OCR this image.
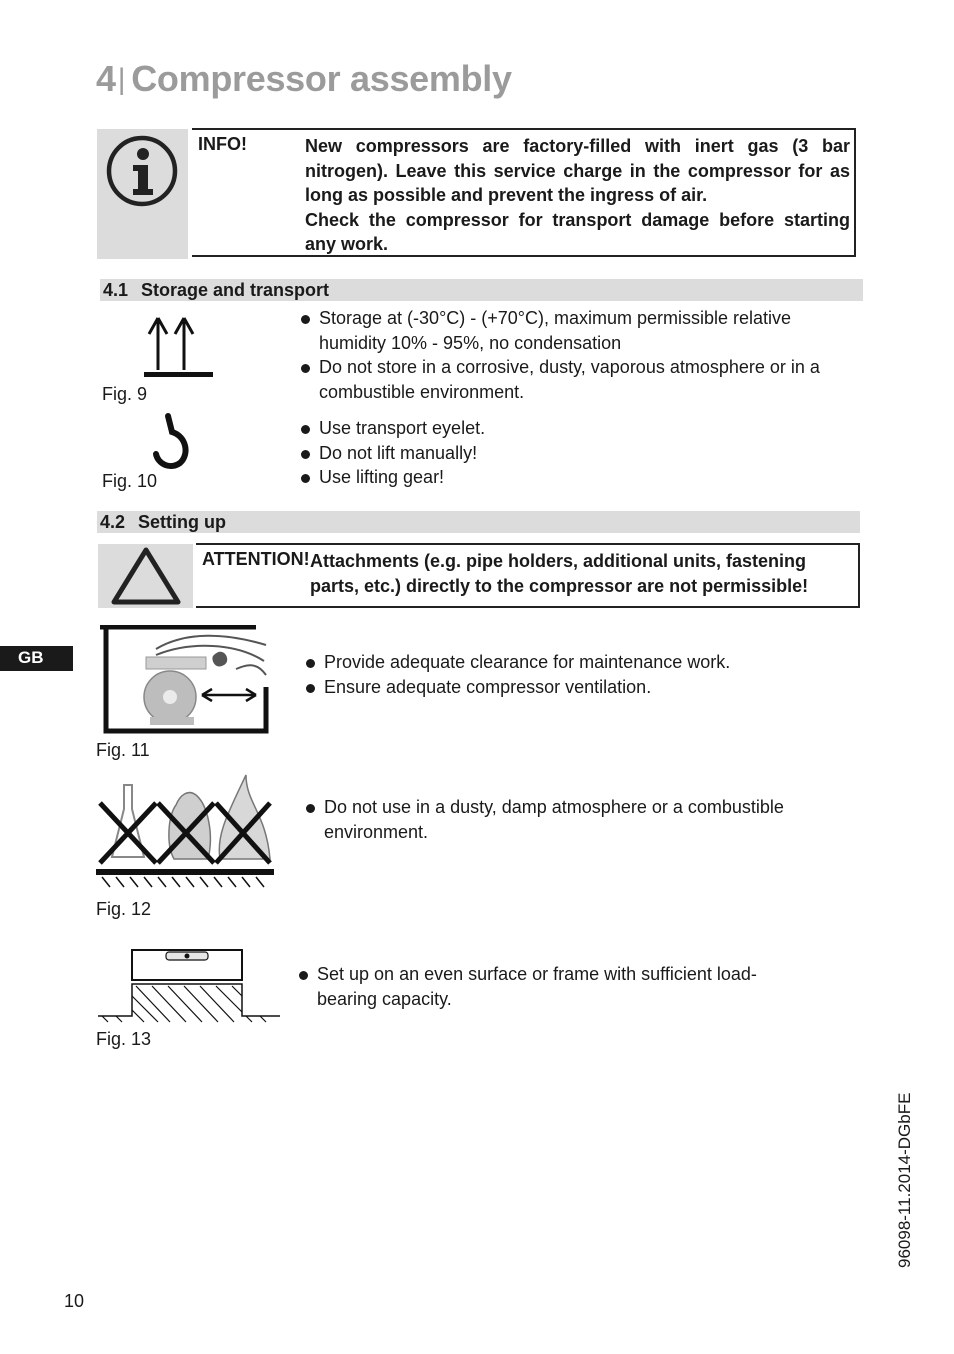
4| Compressor assembly
INFO!	New compressors are factory-filled with inert gas (3 bar nitrogen). Leave this service charge in the compressor for as long as possible and prevent the ingress of air.

Check the compressor for transport damage before starting any work.

4.1 Storage and transport
Fig. 9
Fig. 10
Storage at (-30°C) - (+70°C), maximum permissible relative humidity 10% - 95%, no condensation
Do not store in a corrosive, dusty, vaporous atmosphere or in a combustible environment.
Use transport eyelet.
Do not lift manually!
Use lifting gear!
4.2 Setting up
ATTENTION! Attachments (e.g. pipe holders, additional units, fastening parts, etc.) directly to the compressor are not permissible!
GB
Fig. 11
Provide adequate clearance for maintenance work.
Ensure adequate compressor ventilation.
Fig. 12
Do not use in a dusty, damp atmosphere or a combustible environment.
Fig. 13
Set up on an even surface or frame with sufficient loadbearing capacity.
96098-11.2014-DGbFE
10
